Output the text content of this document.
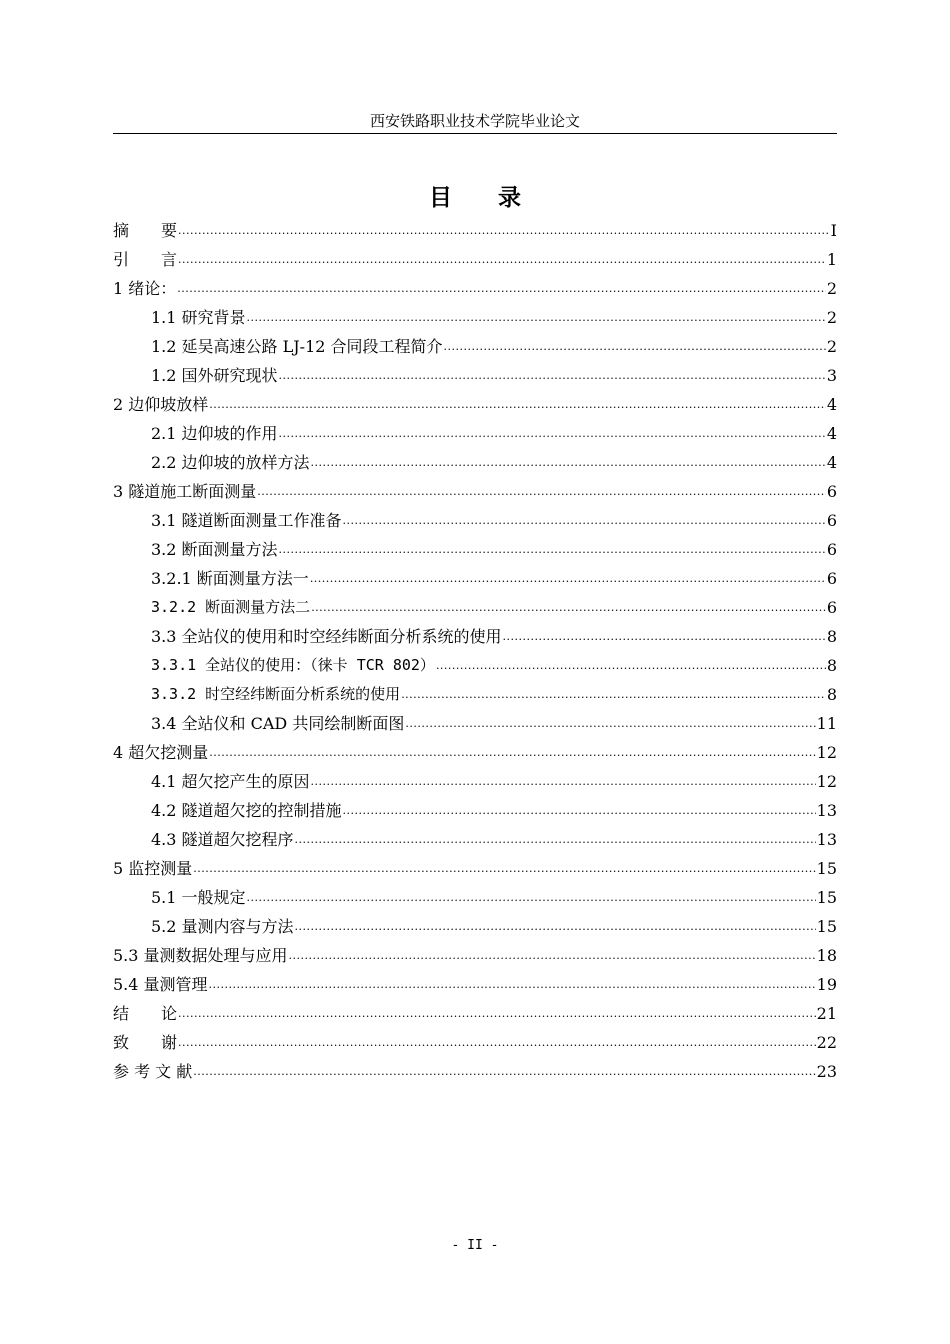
西安铁路职业技术学院毕业论文
目　　录
摘　　要 .....	I
引　　言 .....	1
1 绪论： .....	2
1.1 研究背景 .....	2
1.2 延吴高速公路 LJ-12 合同段工程简介 .....	2
1.2 国外研究现状 .....	3
2 边仰坡放样 .....	4
2.1 边仰坡的作用 .....	4
2.2 边仰坡的放样方法 .....	4
3 隧道施工断面测量 .....	6
3.1 隧道断面测量工作准备 .....	6
3.2 断面测量方法 .....	6
3.2.1 断面测量方法一 .....	6
3.2.2 断面测量方法二 .....	6
3.3 全站仪的使用和时空经纬断面分析系统的使用 .....	8
3.3.1 全站仪的使用：（徕卡 TCR 802） .....	8
3.3.2 时空经纬断面分析系统的使用 .....	8
3.4 全站仪和 CAD 共同绘制断面图 .....	11
4 超欠挖测量 .....	12
4.1 超欠挖产生的原因 .....	12
4.2 隧道超欠挖的控制措施 .....	13
4.3 隧道超欠挖程序 .....	13
5 监控测量 .....	15
5.1 一般规定 .....	15
5.2 量测内容与方法 .....	15
5.3 量测数据处理与应用 .....	18
5.4 量测管理 .....	19
结　　论 .....	21
致　　谢 .....	22
参 考 文 献 .....	23
- II -
